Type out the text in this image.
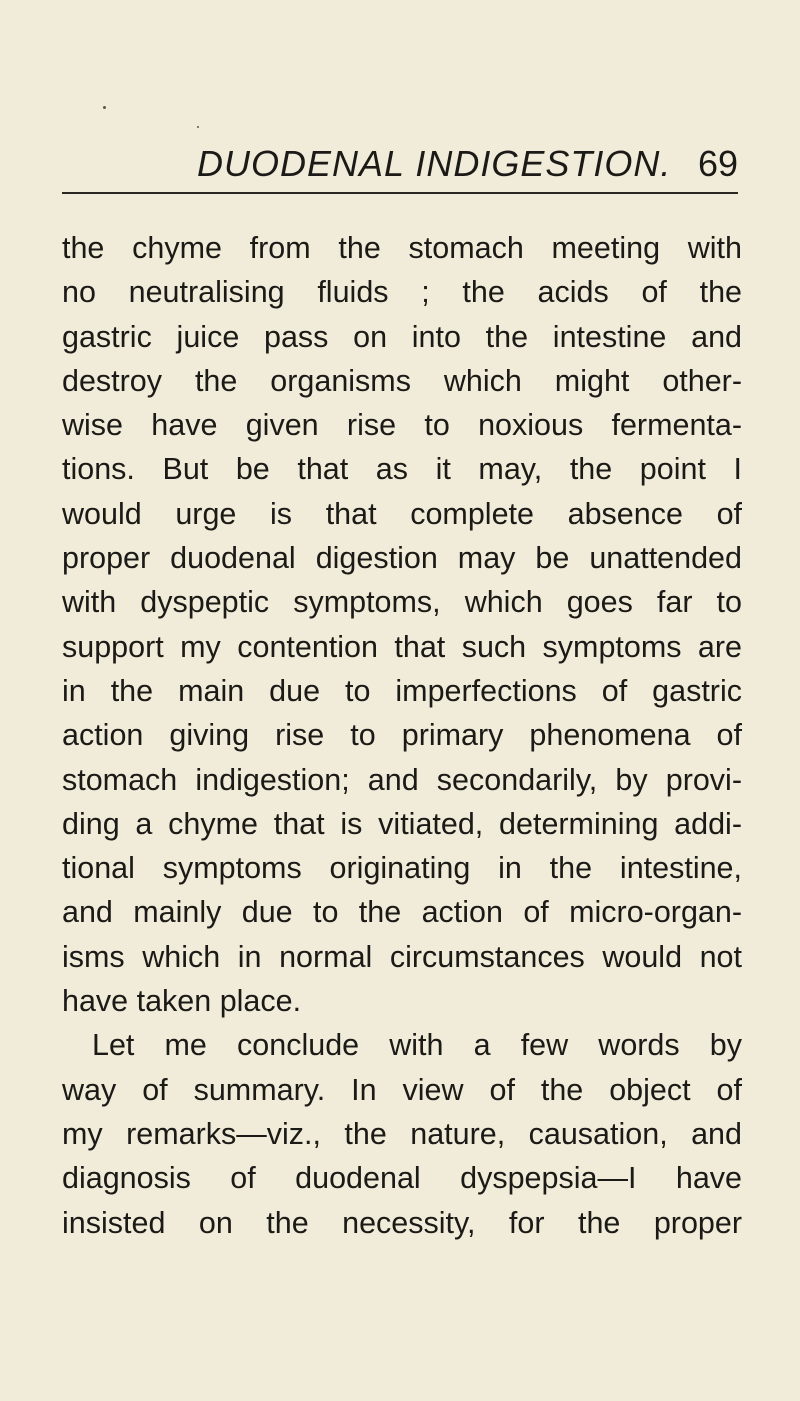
DUODENAL INDIGESTION. 69
the chyme from the stomach meeting with
no neutralising fluids ; the acids of the
gastric juice pass on into the intestine and
destroy the organisms which might other-
wise have given rise to noxious fermenta-
tions. But be that as it may, the point I
would urge is that complete absence of
proper duodenal digestion may be unattended
with dyspeptic symptoms, which goes far to
support my contention that such symptoms are
in the main due to imperfections of gastric
action giving rise to primary phenomena of
stomach indigestion; and secondarily, by provi-
ding a chyme that is vitiated, determining addi-
tional symptoms originating in the intestine,
and mainly due to the action of micro-organ-
isms which in normal circumstances would not
have taken place.
Let me conclude with a few words by
way of summary. In view of the object of
my remarks—viz., the nature, causation, and
diagnosis of duodenal dyspepsia—I have
insisted on the necessity, for the proper
